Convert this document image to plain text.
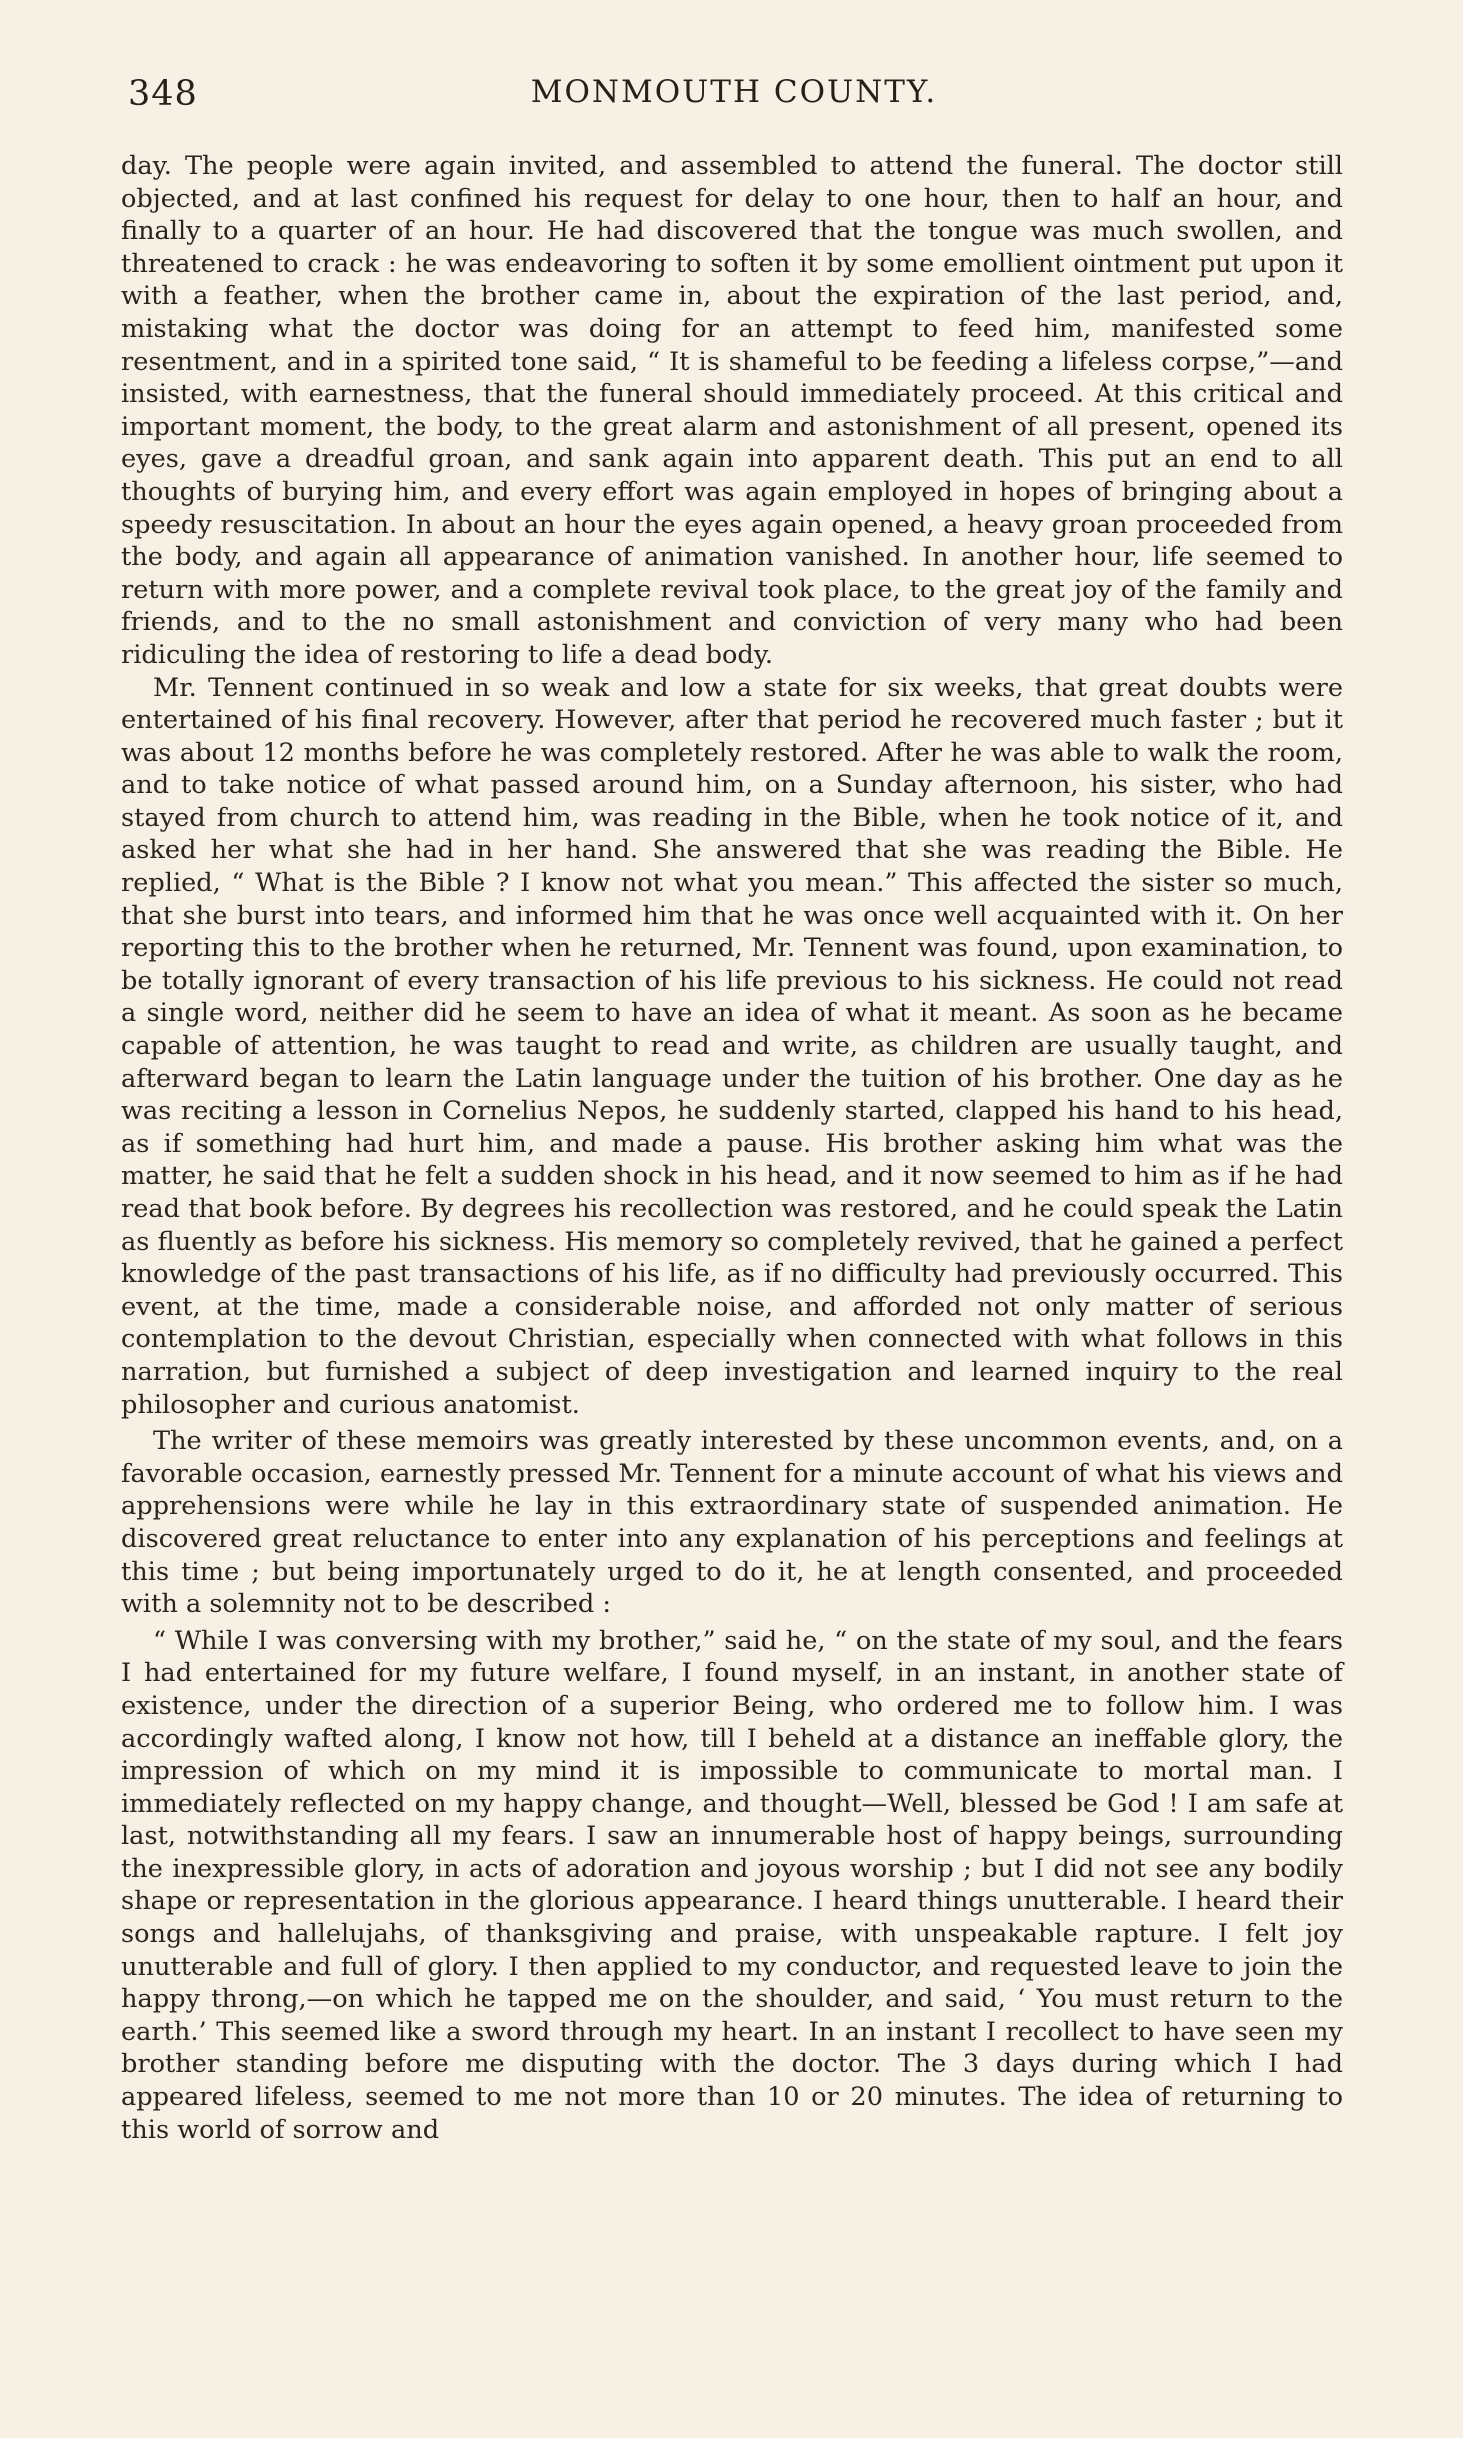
348	MONMOUTH COUNTY.

day. The people were again invited, and assembled to attend the funeral. The doctor still objected, and at last confined his request for delay to one hour, then to half an hour, and finally to a quarter of an hour. He had discovered that the tongue was much swollen, and threatened to crack : he was endeavoring to soften it by some emollient ointment put upon it with a feather, when the brother came in, about the expiration of the last period, and, mistaking what the doctor was doing for an attempt to feed him, manifested some resentment, and in a spirited tone said, “ It is shameful to be feeding a lifeless corpse,”—and insisted, with earnestness, that the funeral should immediately proceed. At this critical and important moment, the body, to the great alarm and astonishment of all present, opened its eyes, gave a dreadful groan, and sank again into apparent death. This put an end to all thoughts of burying him, and every effort was again employed in hopes of bringing about a speedy resuscitation. In about an hour the eyes again opened, a heavy groan proceeded from the body, and again all appearance of animation vanished. In another hour, life seemed to return with more power, and a complete revival took place, to the great joy of the family and friends, and to the no small astonishment and conviction of very many who had been ridiculing the idea of restoring to life a dead body.

Mr. Tennent continued in so weak and low a state for six weeks, that great doubts were entertained of his final recovery. However, after that period he recovered much faster ; but it was about 12 months before he was completely restored. After he was able to walk the room, and to take notice of what passed around him, on a Sunday afternoon, his sister, who had stayed from church to attend him, was reading in the Bible, when he took notice of it, and asked her what she had in her hand. She answered that she was reading the Bible. He replied, “ What is the Bible ? I know not what you mean.” This affected the sister so much, that she burst into tears, and informed him that he was once well acquainted with it. On her reporting this to the brother when he returned, Mr. Tennent was found, upon examination, to be totally ignorant of every transaction of his life previous to his sickness. He could not read a single word, neither did he seem to have an idea of what it meant. As soon as he became capable of attention, he was taught to read and write, as children are usually taught, and afterward began to learn the Latin language under the tuition of his brother. One day as he was reciting a lesson in Cornelius Nepos, he suddenly started, clapped his hand to his head, as if something had hurt him, and made a pause. His brother asking him what was the matter, he said that he felt a sudden shock in his head, and it now seemed to him as if he had read that book before. By degrees his recollection was restored, and he could speak the Latin as fluently as before his sickness. His memory so completely revived, that he gained a perfect knowledge of the past transactions of his life, as if no difficulty had previously occurred. This event, at the time, made a considerable noise, and afforded not only matter of serious contemplation to the devout Christian, especially when connected with what follows in this narration, but furnished a subject of deep investigation and learned inquiry to the real philosopher and curious anatomist.

The writer of these memoirs was greatly interested by these uncommon events, and, on a favorable occasion, earnestly pressed Mr. Tennent for a minute account of what his views and apprehensions were while he lay in this extraordinary state of suspended animation. He discovered great reluctance to enter into any explanation of his perceptions and feelings at this time ; but being importunately urged to do it, he at length consented, and proceeded with a solemnity not to be described :

“ While I was conversing with my brother,” said he, “ on the state of my soul, and the fears I had entertained for my future welfare, I found myself, in an instant, in another state of existence, under the direction of a superior Being, who ordered me to follow him. I was accordingly wafted along, I know not how, till I beheld at a distance an ineffable glory, the impression of which on my mind it is impossible to communicate to mortal man. I immediately reflected on my happy change, and thought—Well, blessed be God ! I am safe at last, notwithstanding all my fears. I saw an innumerable host of happy beings, surrounding the inexpressible glory, in acts of adoration and joyous worship ; but I did not see any bodily shape or representation in the glorious appearance. I heard things unutterable. I heard their songs and hallelujahs, of thanksgiving and praise, with unspeakable rapture. I felt joy unutterable and full of glory. I then applied to my conductor, and requested leave to join the happy throng,—on which he tapped me on the shoulder, and said, ‘ You must return to the earth.’ This seemed like a sword through my heart. In an instant I recollect to have seen my brother standing before me disputing with the doctor. The 3 days during which I had appeared lifeless, seemed to me not more than 10 or 20 minutes. The idea of returning to this world of sorrow and
